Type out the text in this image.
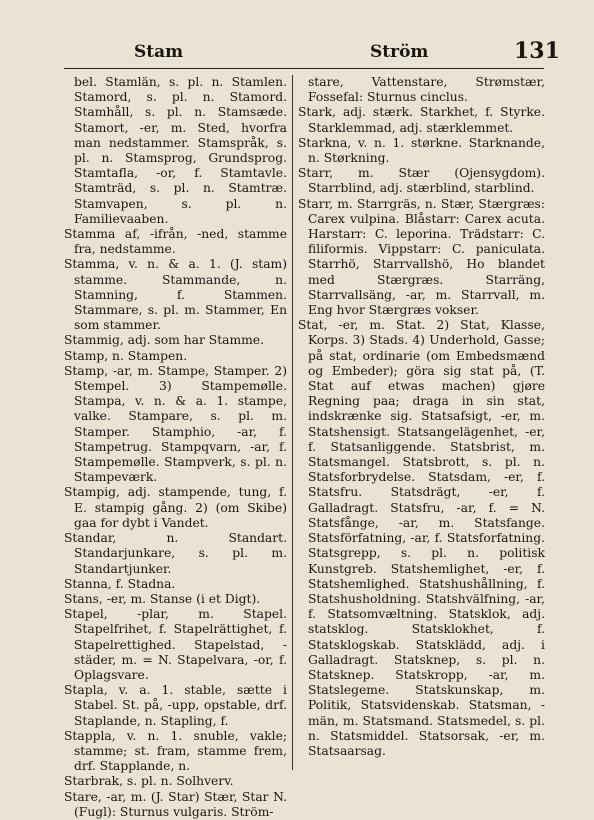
Stam	Ström	131

bel. Stamlän, s. pl. n. Stamlen. Stamord, s. pl. n. Stamord. Stamhåll, s. pl. n. Stamsæde. Stamort, -er, m. Sted, hvorfra man nedstammer. Stamspråk, s. pl. n. Stamsprog, Grundsprog. Stamtafla, -or, f. Stamtavle. Stamträd, s. pl. n. Stamtræ. Stamvapen, s. pl. n. Familievaaben.

Stamma af, -ifrån, -ned, stamme fra, nedstamme.

Stamma, v. n. & a. 1. (J. stam) stamme. Stammande, n. Stamning, f. Stammen. Stammare, s. pl. m. Stammer, En som stammer.

Stammig, adj. som har Stamme.

Stamp, n. Stampen.

Stamp, -ar, m. Stampe, Stamper. 2) Stempel. 3) Stampemølle. Stampa, v. n. & a. 1. stampe, valke. Stampare, s. pl. m. Stamper. Stamphio, -ar, f. Stampetrug. Stampqvarn, -ar, f. Stampemølle. Stampverk, s. pl. n. Stampeværk.

Stampig, adj. stampende, tung, f. E. stampig gång. 2) (om Skibe) gaa for dybt i Vandet.

Standar, n. Standart. Standarjunkare, s. pl. m. Standartjunker.

Stanna, f. Stadna.

Stans, -er, m. Stanse (i et Digt).

Stapel, -plar, m. Stapel. Stapelfrihet, f. Stapelrättighet, f. Stapelrettighed. Stapelstad, -städer, m. = N. Stapelvara, -or, f. Oplagsvare.

Stapla, v. a. 1. stable, sætte i Stabel. St. på, -upp, opstable, drf. Staplande, n. Stapling, f.

Stappla, v. n. 1. snuble, vakle; stamme; st. fram, stamme frem, drf. Stapplande, n.

Starbrak, s. pl. n. Solhverv.

Stare, -ar, m. (J. Star) Stær, Star N. (Fugl): Sturnus vulgaris. Ström-

stare, Vattenstare, Strømstær, Fossefal: Sturnus cinclus.

Stark, adj. stærk. Starkhet, f. Styrke. Starklemmad, adj. stærklemmet.

Starkna, v. n. 1. størkne. Starknande, n. Størkning.

Starr, m. Stær (Ojensygdom). Starrblind, adj. stærblind, starblind.

Starr, m. Starrgräs, n. Stær, Stærgræs: Carex vulpina. Blåstarr: Carex acuta. Harstarr: C. leporina. Trädstarr: C. filiformis. Vippstarr: C. paniculata. Starrhö, Starrvallshö, Ho blandet med Stærgræs. Starräng, Starrvallsäng, -ar, m. Starrvall, m. Eng hvor Stærgræs vokser.

Stat, -er, m. Stat. 2) Stat, Klasse, Korps. 3) Stads. 4) Underhold, Gasse; på stat, ordinarie (om Embedsmænd og Embeder); göra sig stat på, (T. Stat auf etwas machen) gjøre Regning paa; draga in sin stat, indskrænke sig. Statsafsigt, -er, m. Statshensigt. Statsangelägenhet, -er, f. Statsanliggende. Statsbrist, m. Statsmangel. Statsbrott, s. pl. n. Statsforbrydelse. Statsdam, -er, f. Statsfru. Statsdrägt, -er, f. Galladragt. Statsfru, -ar, f. = N. Statsfånge, -ar, m. Statsfange. Statsförfatning, -ar, f. Statsforfatning. Statsgrepp, s. pl. n. politisk Kunstgreb. Statshemlighet, -er, f. Statshemlighed. Statshushållning, f. Statshusholdning. Statshvälfning, -ar, f. Statsomvæltning. Statsklok, adj. statsklog. Statsklokhet, f. Statsklogskab. Statsklädd, adj. i Galladragt. Statsknep, s. pl. n. Statsknep. Statskropp, -ar, m. Statslegeme. Statskunskap, m. Politik, Statsvidenskab. Statsman, -män, m. Statsmand. Statsmedel, s. pl. n. Statsmiddel. Statsorsak, -er, m. Statsaarsag.
